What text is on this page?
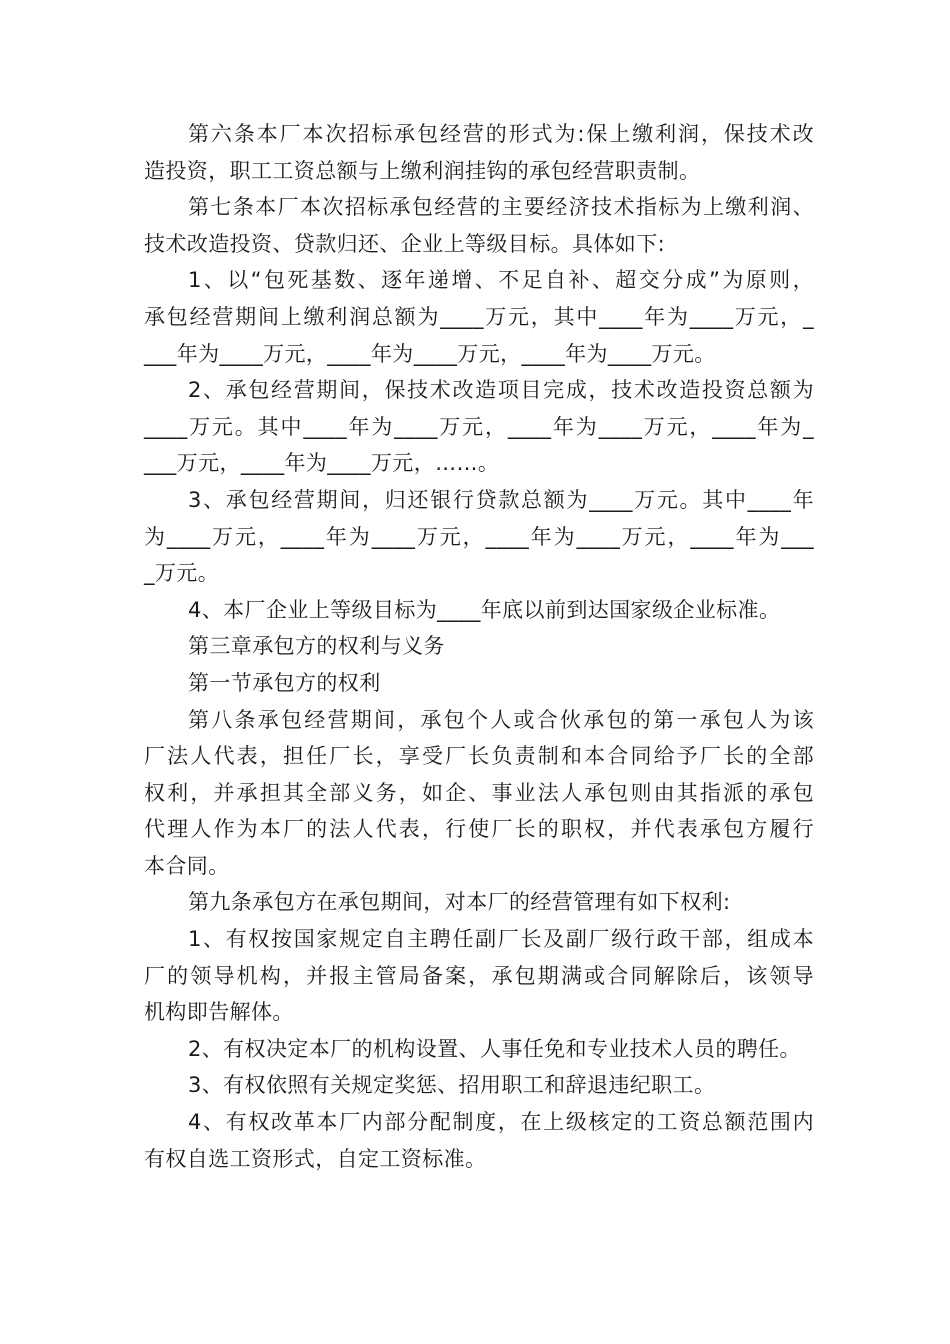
第六条本厂本次招标承包经营的形式为:保上缴利润，保技术改
造投资，职工工资总额与上缴利润挂钩的承包经营职责制。
第七条本厂本次招标承包经营的主要经济技术指标为上缴利润、
技术改造投资、贷款归还、企业上等级目标。具体如下:
1、以“包死基数、逐年递增、不足自补、超交分成”为原则，
承包经营期间上缴利润总额为____万元，其中____年为____万元，_
___年为____万元，____年为____万元，____年为____万元。
2、承包经营期间，保技术改造项目完成，技术改造投资总额为
____万元。其中____年为____万元，____年为____万元，____年为_
___万元，____年为____万元，……。
3、承包经营期间，归还银行贷款总额为____万元。其中____年
为____万元，____年为____万元，____年为____万元，____年为___
_万元。
4、本厂企业上等级目标为____年底以前到达国家级企业标准。
第三章承包方的权利与义务
第一节承包方的权利
第八条承包经营期间，承包个人或合伙承包的第一承包人为该
厂法人代表，担任厂长，享受厂长负责制和本合同给予厂长的全部
权利，并承担其全部义务，如企、事业法人承包则由其指派的承包
代理人作为本厂的法人代表，行使厂长的职权，并代表承包方履行
本合同。
第九条承包方在承包期间，对本厂的经营管理有如下权利:
1、有权按国家规定自主聘任副厂长及副厂级行政干部，组成本
厂的领导机构，并报主管局备案，承包期满或合同解除后，该领导
机构即告解体。
2、有权决定本厂的机构设置、人事任免和专业技术人员的聘任。
3、有权依照有关规定奖惩、招用职工和辞退违纪职工。
4、有权改革本厂内部分配制度，在上级核定的工资总额范围内
有权自选工资形式，自定工资标准。
